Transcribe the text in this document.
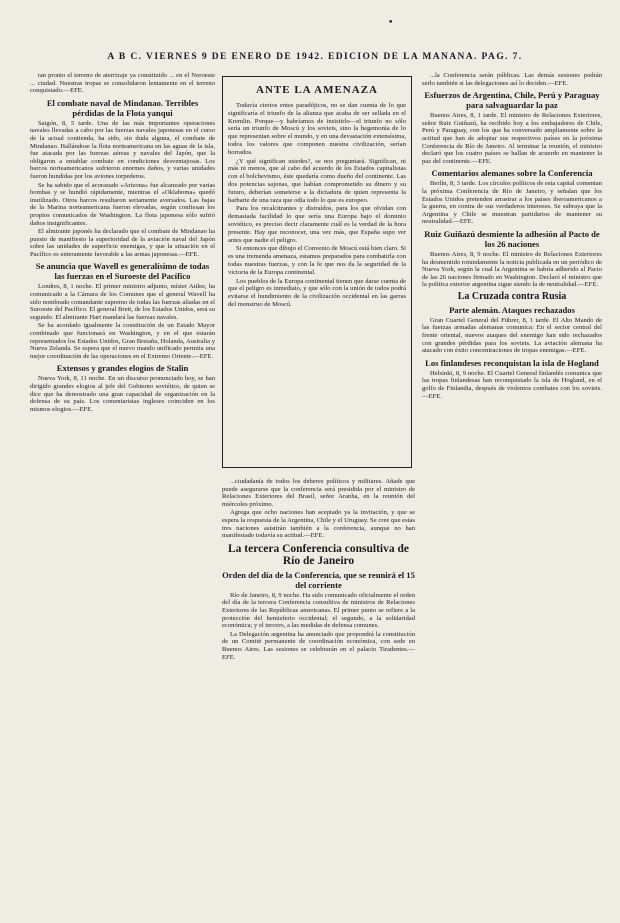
•
A B C. VIERNES 9 DE ENERO DE 1942. EDICIÓN DE LA MAÑANA. PAG. 7.

tan pronto el terreno de aterrizaje ya constituido ... en el Noroeste ... ciudad. Nuestras tropas se consolidaron lentamente en el terreno conquistado.—EFE.

El combate naval de Mindanao. Terribles pérdidas de la Flota yanqui

Saigón, 8, 5 tarde. Una de las más importantes operaciones navales llevadas a cabo por las fuerzas navales japonesas en el curso de la actual contienda, ha sido, sin duda alguna, el combate de Mindanao. Hallándose la flota norteamericana en las aguas de la isla, fue atacada por las fuerzas aéreas y navales del Japón, que la obligaron a entablar combate en condiciones desventajosas. Los barcos norteamericanos sufrieron enormes daños, y varias unidades fueron hundidas por los aviones torpederos.

Se ha sabido que el acorazado «Arizona» fue alcanzado por varias bombas y se hundió rápidamente, mientras el «Oklahoma» quedó inutilizado. Otros barcos resultaron seriamente averiados. Las bajas de la Marina norteamericana fueron elevadas, según confiesan los propios comunicados de Washington. La flota japonesa sólo sufrió daños insignificantes.

El almirante japonés ha declarado que el combate de Mindanao ha puesto de manifiesto la superioridad de la aviación naval del Japón sobre las unidades de superficie enemigas, y que la situación en el Pacífico es enteramente favorable a las armas japonesas.—EFE.

Se anuncia que Wavell es generalísimo de todas las fuerzas en el Suroeste del Pacífico

Londres, 8, 1 noche. El primer ministro adjunto, míster Attlee, ha comunicado a la Cámara de los Comunes que el general Wavell ha sido nombrado comandante supremo de todas las fuerzas aliadas en el Suroeste del Pacífico. El general Brett, de los Estados Unidos, será su segundo. El almirante Hart mandará las fuerzas navales.

Se ha acordado igualmente la constitución de un Estado Mayor combinado que funcionará en Washington, y en el que estarán representados los Estados Unidos, Gran Bretaña, Holanda, Australia y Nueva Zelanda. Se espera que el nuevo mando unificado permita una mejor coordinación de las operaciones en el Extremo Oriente.—EFE.

Extensos y grandes elogios de Stalin

Nueva York, 8, 11 noche. En un discurso pronunciado hoy, se han dirigido grandes elogios al jefe del Gobierno soviético, de quien se dice que ha demostrado una gran capacidad de organización en la defensa de su país. Los comentaristas ingleses coinciden en los mismos elogios.—EFE.

ANTE LA AMENAZA

Todavía ciertos entes paradójicos, no se dan cuenta de lo que significaría el triunfo de la alianza que acaba de ser sellada en el Kremlin. Porque—y habríamos de insistirlo—el triunfo no sólo sería un triunfo de Moscú y los soviets, sino la hegemonía de lo que representan sobre el mundo, y en una devastación extensísima, todos los valores que componen nuestra civilización, serían borrados.

¿Y qué significan ustedes?, se nos preguntará. Significan, ni más ni menos, que al cabo del acuerdo de los Estados capitalistas con el bolchevismo, éste quedaría como dueño del continente. Las dos potencias sajonas, que habían comprometido su dinero y su futuro, deberían someterse a la dictadura de quien representa la barbarie de una raza que odia todo lo que es europeo.

Para los recalcitrantes y distraídos, para los que olvidan con demasiada facilidad lo que sería una Europa bajo el dominio soviético, es preciso decir claramente cuál es la verdad de la hora presente. Hay que reconocer, una vez más, que España supo ver antes que nadie el peligro.

Si entonces que dibujo el Convenio de Moscú está bien claro. Si es una tremenda amenaza, estamos preparados para combatirla con todas nuestras fuerzas, y con la fe que nos da la seguridad de la victoria de la Europa continental.

Los pueblos de la Europa continental tienen que darse cuenta de que el peligro es inmediato, y que sólo con la unión de todos podrá evitarse el hundimiento de la civilización occidental en las garras del monstruo de Moscú.

...ciudadanía de todos los deberes políticos y militares. Añade que puede asegurarse que la conferencia será presidida por el ministro de Relaciones Exteriores del Brasil, señor Aranha, en la reunión del miércoles próximo.

Agrega que ocho naciones han aceptado ya la invitación, y que se espera la respuesta de la Argentina, Chile y el Uruguay. Se cree que estas tres naciones asistirán también a la conferencia, aunque no han manifestado todavía su actitud.—EFE.

La tercera Conferencia consultiva de Río de Janeiro
Orden del día de la Conferencia, que se reunirá el 15 del corriente

Río de Janeiro, 8, 9 noche. Ha sido comunicado oficialmente el orden del día de la tercera Conferencia consultiva de ministros de Relaciones Exteriores de las Repúblicas americanas. El primer punto se refiere a la protección del hemisferio occidental; el segundo, a la solidaridad económica; y el tercero, a las medidas de defensa comunes.

La Delegación argentina ha anunciado que propondrá la constitución de un Comité permanente de coordinación económica, con sede en Buenos Aires. Las sesiones se celebrarán en el palacio Tiradentes.—EFE.

...la Conferencia serán públicas. Las demás sesiones podrán serlo también si las delegaciones así lo deciden.—EFE.

Esfuerzos de Argentina, Chile, Perú y Paraguay para salvaguardar la paz

Buenos Aires, 8, 1 tarde. El ministro de Relaciones Exteriores, señor Ruiz Guiñazú, ha recibido hoy a los embajadores de Chile, Perú y Paraguay, con los que ha conversado ampliamente sobre la actitud que han de adoptar sus respectivos países en la próxima Conferencia de Río de Janeiro. Al terminar la reunión, el ministro declaró que los cuatro países se hallan de acuerdo en mantener la paz del continente.—EFE.

Comentarios alemanes sobre la Conferencia

Berlín, 8, 3 tarde. Los círculos políticos de esta capital comentan la próxima Conferencia de Río de Janeiro, y señalan que los Estados Unidos pretenden arrastrar a los países iberoamericanos a la guerra, en contra de sus verdaderos intereses. Se subraya que la Argentina y Chile se muestran partidarios de mantener su neutralidad.—EFE.

Ruiz Guiñazú desmiente la adhesión al Pacto de los 26 naciones

Buenos Aires, 8, 9 noche. El ministro de Relaciones Exteriores ha desmentido rotundamente la noticia publicada en un periódico de Nueva York, según la cual la Argentina se habría adherido al Pacto de las 26 naciones firmado en Washington. Declaró el ministro que la política exterior argentina sigue siendo la de neutralidad.—EFE.

La Cruzada contra Rusia
Parte alemán. Ataques rechazados

Gran Cuartel General del Führer, 8, 1 tarde. El Alto Mando de las fuerzas armadas alemanas comunica: En el sector central del frente oriental, nuevos ataques del enemigo han sido rechazados con grandes pérdidas para los soviets. La aviación alemana ha atacado con éxito concentraciones de tropas enemigas.—EFE.

Los finlandeses reconquistan la isla de Hogland

Helsinki, 8, 9 noche. El Cuartel General finlandés comunica que las tropas finlandesas han reconquistado la isla de Hogland, en el golfo de Finlandia, después de violentos combates con los soviets.—EFE.
